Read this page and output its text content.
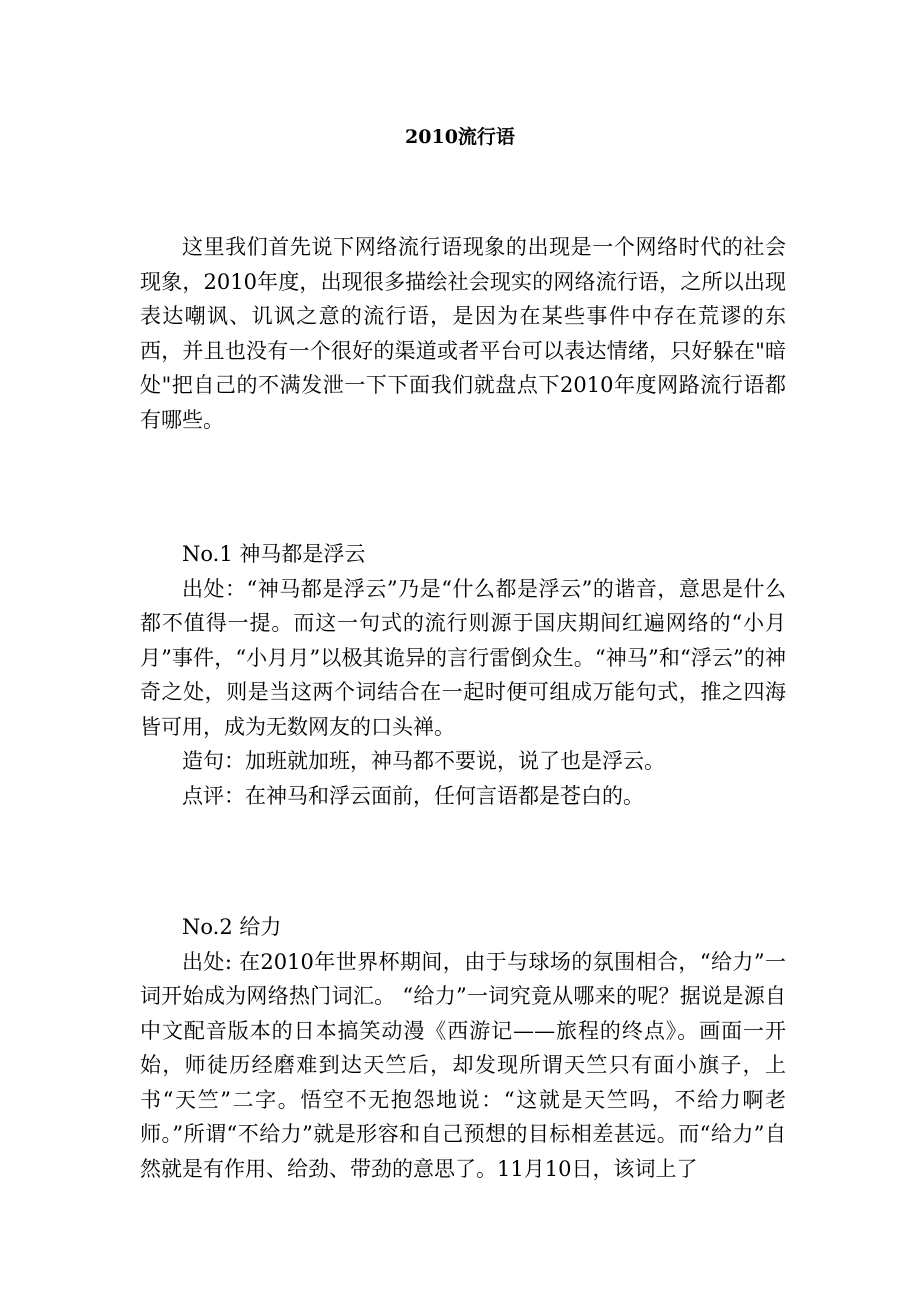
2010流行语

这里我们首先说下网络流行语现象的出现是一个网络时代的社会现象，2010年度，出现很多描绘社会现实的网络流行语，之所以出现表达嘲讽、讥讽之意的流行语，是因为在某些事件中存在荒谬的东西，并且也没有一个很好的渠道或者平台可以表达情绪，只好躲在"暗处"把自己的不满发泄一下下面我们就盘点下2010年度网路流行语都有哪些。

No.1 神马都是浮云

出处：“神马都是浮云”乃是“什么都是浮云”的谐音，意思是什么都不值得一提。而这一句式的流行则源于国庆期间红遍网络的“小月月”事件，“小月月”以极其诡异的言行雷倒众生。“神马”和“浮云”的神奇之处，则是当这两个词结合在一起时便可组成万能句式，推之四海皆可用，成为无数网友的口头禅。

造句：加班就加班，神马都不要说，说了也是浮云。

点评：在神马和浮云面前，任何言语都是苍白的。

No.2 给力

出处: 在2010年世界杯期间，由于与球场的氛围相合，“给力”一词开始成为网络热门词汇。 “给力”一词究竟从哪来的呢？据说是源自中文配音版本的日本搞笑动漫《西游记——旅程的终点》。画面一开始，师徒历经磨难到达天竺后，却发现所谓天竺只有面小旗子，上书“天竺”二字。悟空不无抱怨地说：“这就是天竺吗，不给力啊老师。”所谓“不给力”就是形容和自己预想的目标相差甚远。而“给力”自然就是有作用、给劲、带劲的意思了。11月10日，该词上了
